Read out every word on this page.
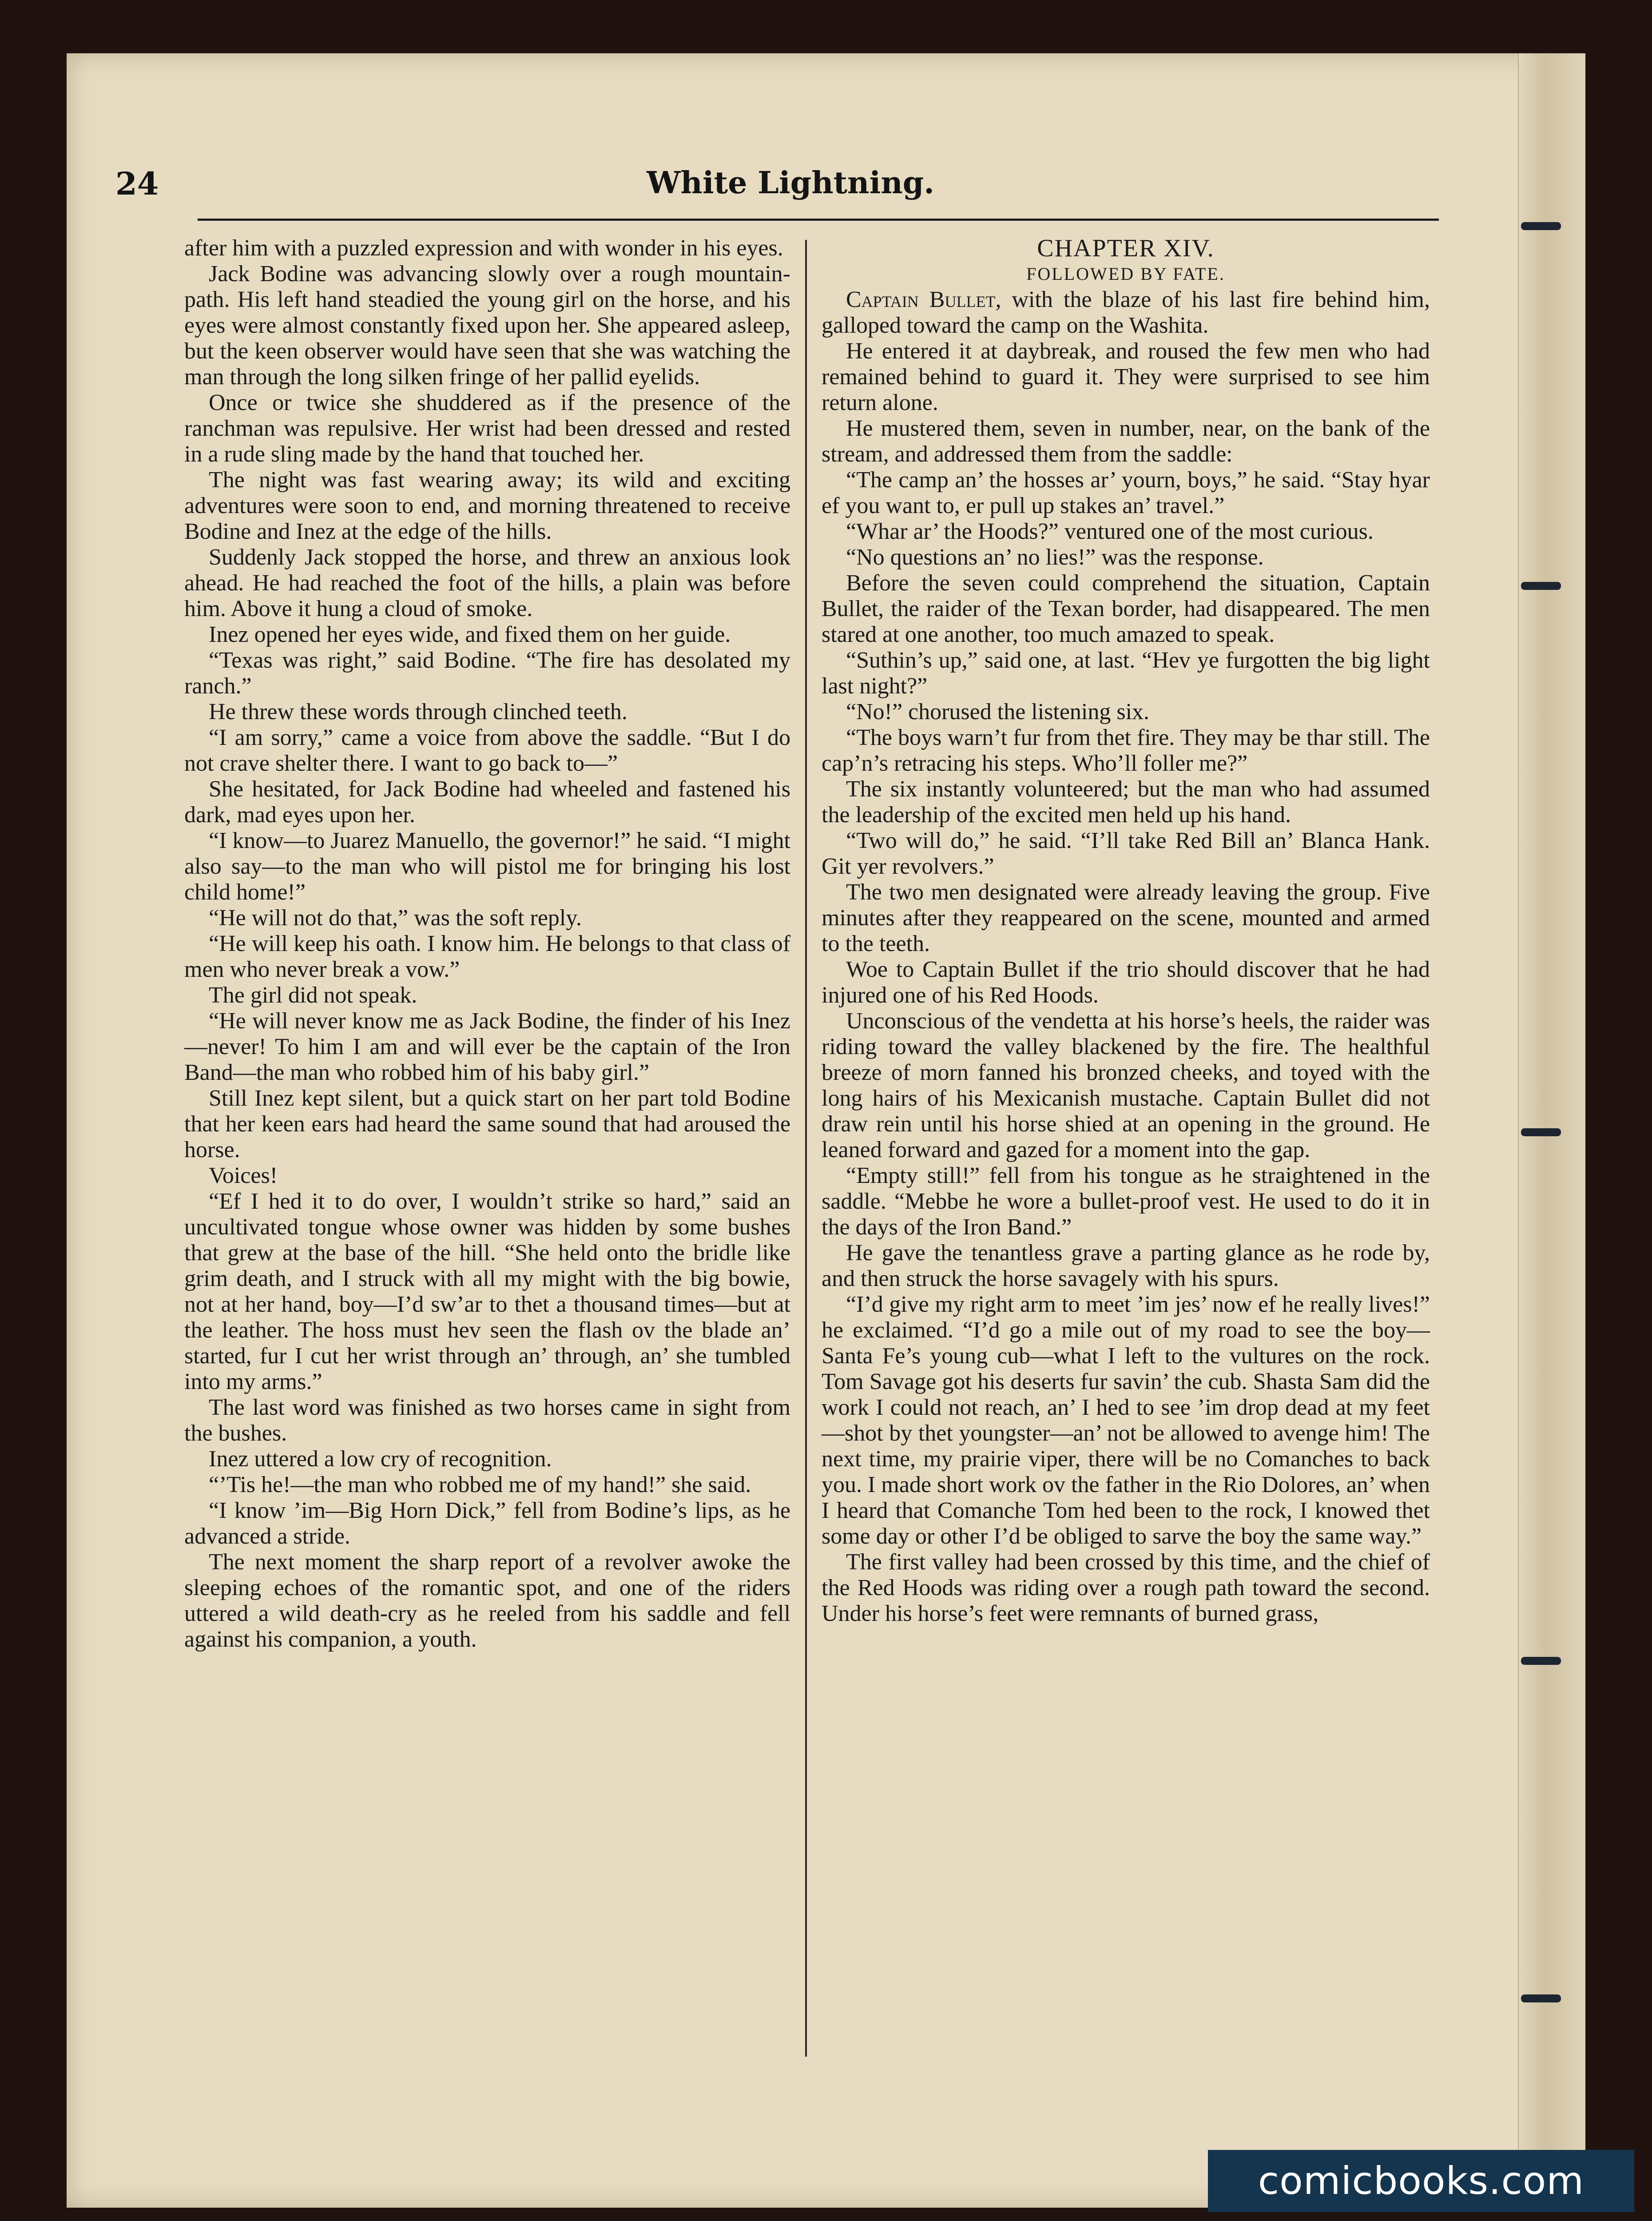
24	White Lightning.

after him with a puzzled expression and with wonder in his eyes.

Jack Bodine was advancing slowly over a rough mountain-path. His left hand steadied the young girl on the horse, and his eyes were almost constantly fixed upon her. She appeared asleep, but the keen observer would have seen that she was watching the man through the long silken fringe of her pallid eyelids.

Once or twice she shuddered as if the presence of the ranchman was repulsive. Her wrist had been dressed and rested in a rude sling made by the hand that touched her.

The night was fast wearing away; its wild and exciting adventures were soon to end, and morning threatened to receive Bodine and Inez at the edge of the hills.

Suddenly Jack stopped the horse, and threw an anxious look ahead. He had reached the foot of the hills, a plain was before him. Above it hung a cloud of smoke.

Inez opened her eyes wide, and fixed them on her guide.

“Texas was right,” said Bodine. “The fire has desolated my ranch.”

He threw these words through clinched teeth.

“I am sorry,” came a voice from above the saddle. “But I do not crave shelter there. I want to go back to—”

She hesitated, for Jack Bodine had wheeled and fastened his dark, mad eyes upon her.

“I know—to Juarez Manuello, the governor!” he said. “I might also say—to the man who will pistol me for bringing his lost child home!”

“He will not do that,” was the soft reply.

“He will keep his oath. I know him. He belongs to that class of men who never break a vow.”

The girl did not speak.

“He will never know me as Jack Bodine, the finder of his Inez—never! To him I am and will ever be the captain of the Iron Band—the man who robbed him of his baby girl.”

Still Inez kept silent, but a quick start on her part told Bodine that her keen ears had heard the same sound that had aroused the horse.

Voices!

“Ef I hed it to do over, I wouldn’t strike so hard,” said an uncultivated tongue whose owner was hidden by some bushes that grew at the base of the hill. “She held onto the bridle like grim death, and I struck with all my might with the big bowie, not at her hand, boy—I’d sw’ar to thet a thousand times—but at the leather. The hoss must hev seen the flash ov the blade an’ started, fur I cut her wrist through an’ through, an’ she tumbled into my arms.”

The last word was finished as two horses came in sight from the bushes.

Inez uttered a low cry of recognition.

“’Tis he!—the man who robbed me of my hand!” she said.

“I know ’im—Big Horn Dick,” fell from Bodine’s lips, as he advanced a stride.

The next moment the sharp report of a revolver awoke the sleeping echoes of the romantic spot, and one of the riders uttered a wild death-cry as he reeled from his saddle and fell against his companion, a youth.

CHAPTER XIV.

FOLLOWED BY FATE.

Captain Bullet, with the blaze of his last fire behind him, galloped toward the camp on the Washita.

He entered it at daybreak, and roused the few men who had remained behind to guard it. They were surprised to see him return alone.

He mustered them, seven in number, near, on the bank of the stream, and addressed them from the saddle:

“The camp an’ the hosses ar’ yourn, boys,” he said. “Stay hyar ef you want to, er pull up stakes an’ travel.”

“Whar ar’ the Hoods?” ventured one of the most curious.

“No questions an’ no lies!” was the response.

Before the seven could comprehend the situation, Captain Bullet, the raider of the Texan border, had disappeared. The men stared at one another, too much amazed to speak.

“Suthin’s up,” said one, at last. “Hev ye furgotten the big light last night?”

“No!” chorused the listening six.

“The boys warn’t fur from thet fire. They may be thar still. The cap’n’s retracing his steps. Who’ll foller me?”

The six instantly volunteered; but the man who had assumed the leadership of the excited men held up his hand.

“Two will do,” he said. “I’ll take Red Bill an’ Blanca Hank. Git yer revolvers.”

The two men designated were already leaving the group. Five minutes after they reappeared on the scene, mounted and armed to the teeth.

Woe to Captain Bullet if the trio should discover that he had injured one of his Red Hoods.

Unconscious of the vendetta at his horse’s heels, the raider was riding toward the valley blackened by the fire. The healthful breeze of morn fanned his bronzed cheeks, and toyed with the long hairs of his Mexicanish mustache. Captain Bullet did not draw rein until his horse shied at an opening in the ground. He leaned forward and gazed for a moment into the gap.

“Empty still!” fell from his tongue as he straightened in the saddle. “Mebbe he wore a bullet-proof vest. He used to do it in the days of the Iron Band.”

He gave the tenantless grave a parting glance as he rode by, and then struck the horse savagely with his spurs.

“I’d give my right arm to meet ’im jes’ now ef he really lives!” he exclaimed. “I’d go a mile out of my road to see the boy—Santa Fe’s young cub—what I left to the vultures on the rock. Tom Savage got his deserts fur savin’ the cub. Shasta Sam did the work I could not reach, an’ I hed to see ’im drop dead at my feet—shot by thet youngster—an’ not be allowed to avenge him! The next time, my prairie viper, there will be no Comanches to back you. I made short work ov the father in the Rio Dolores, an’ when I heard that Comanche Tom hed been to the rock, I knowed thet some day or other I’d be obliged to sarve the boy the same way.”

The first valley had been crossed by this time, and the chief of the Red Hoods was riding over a rough path toward the second. Under his horse’s feet were remnants of burned grass,

comicbooks.com
